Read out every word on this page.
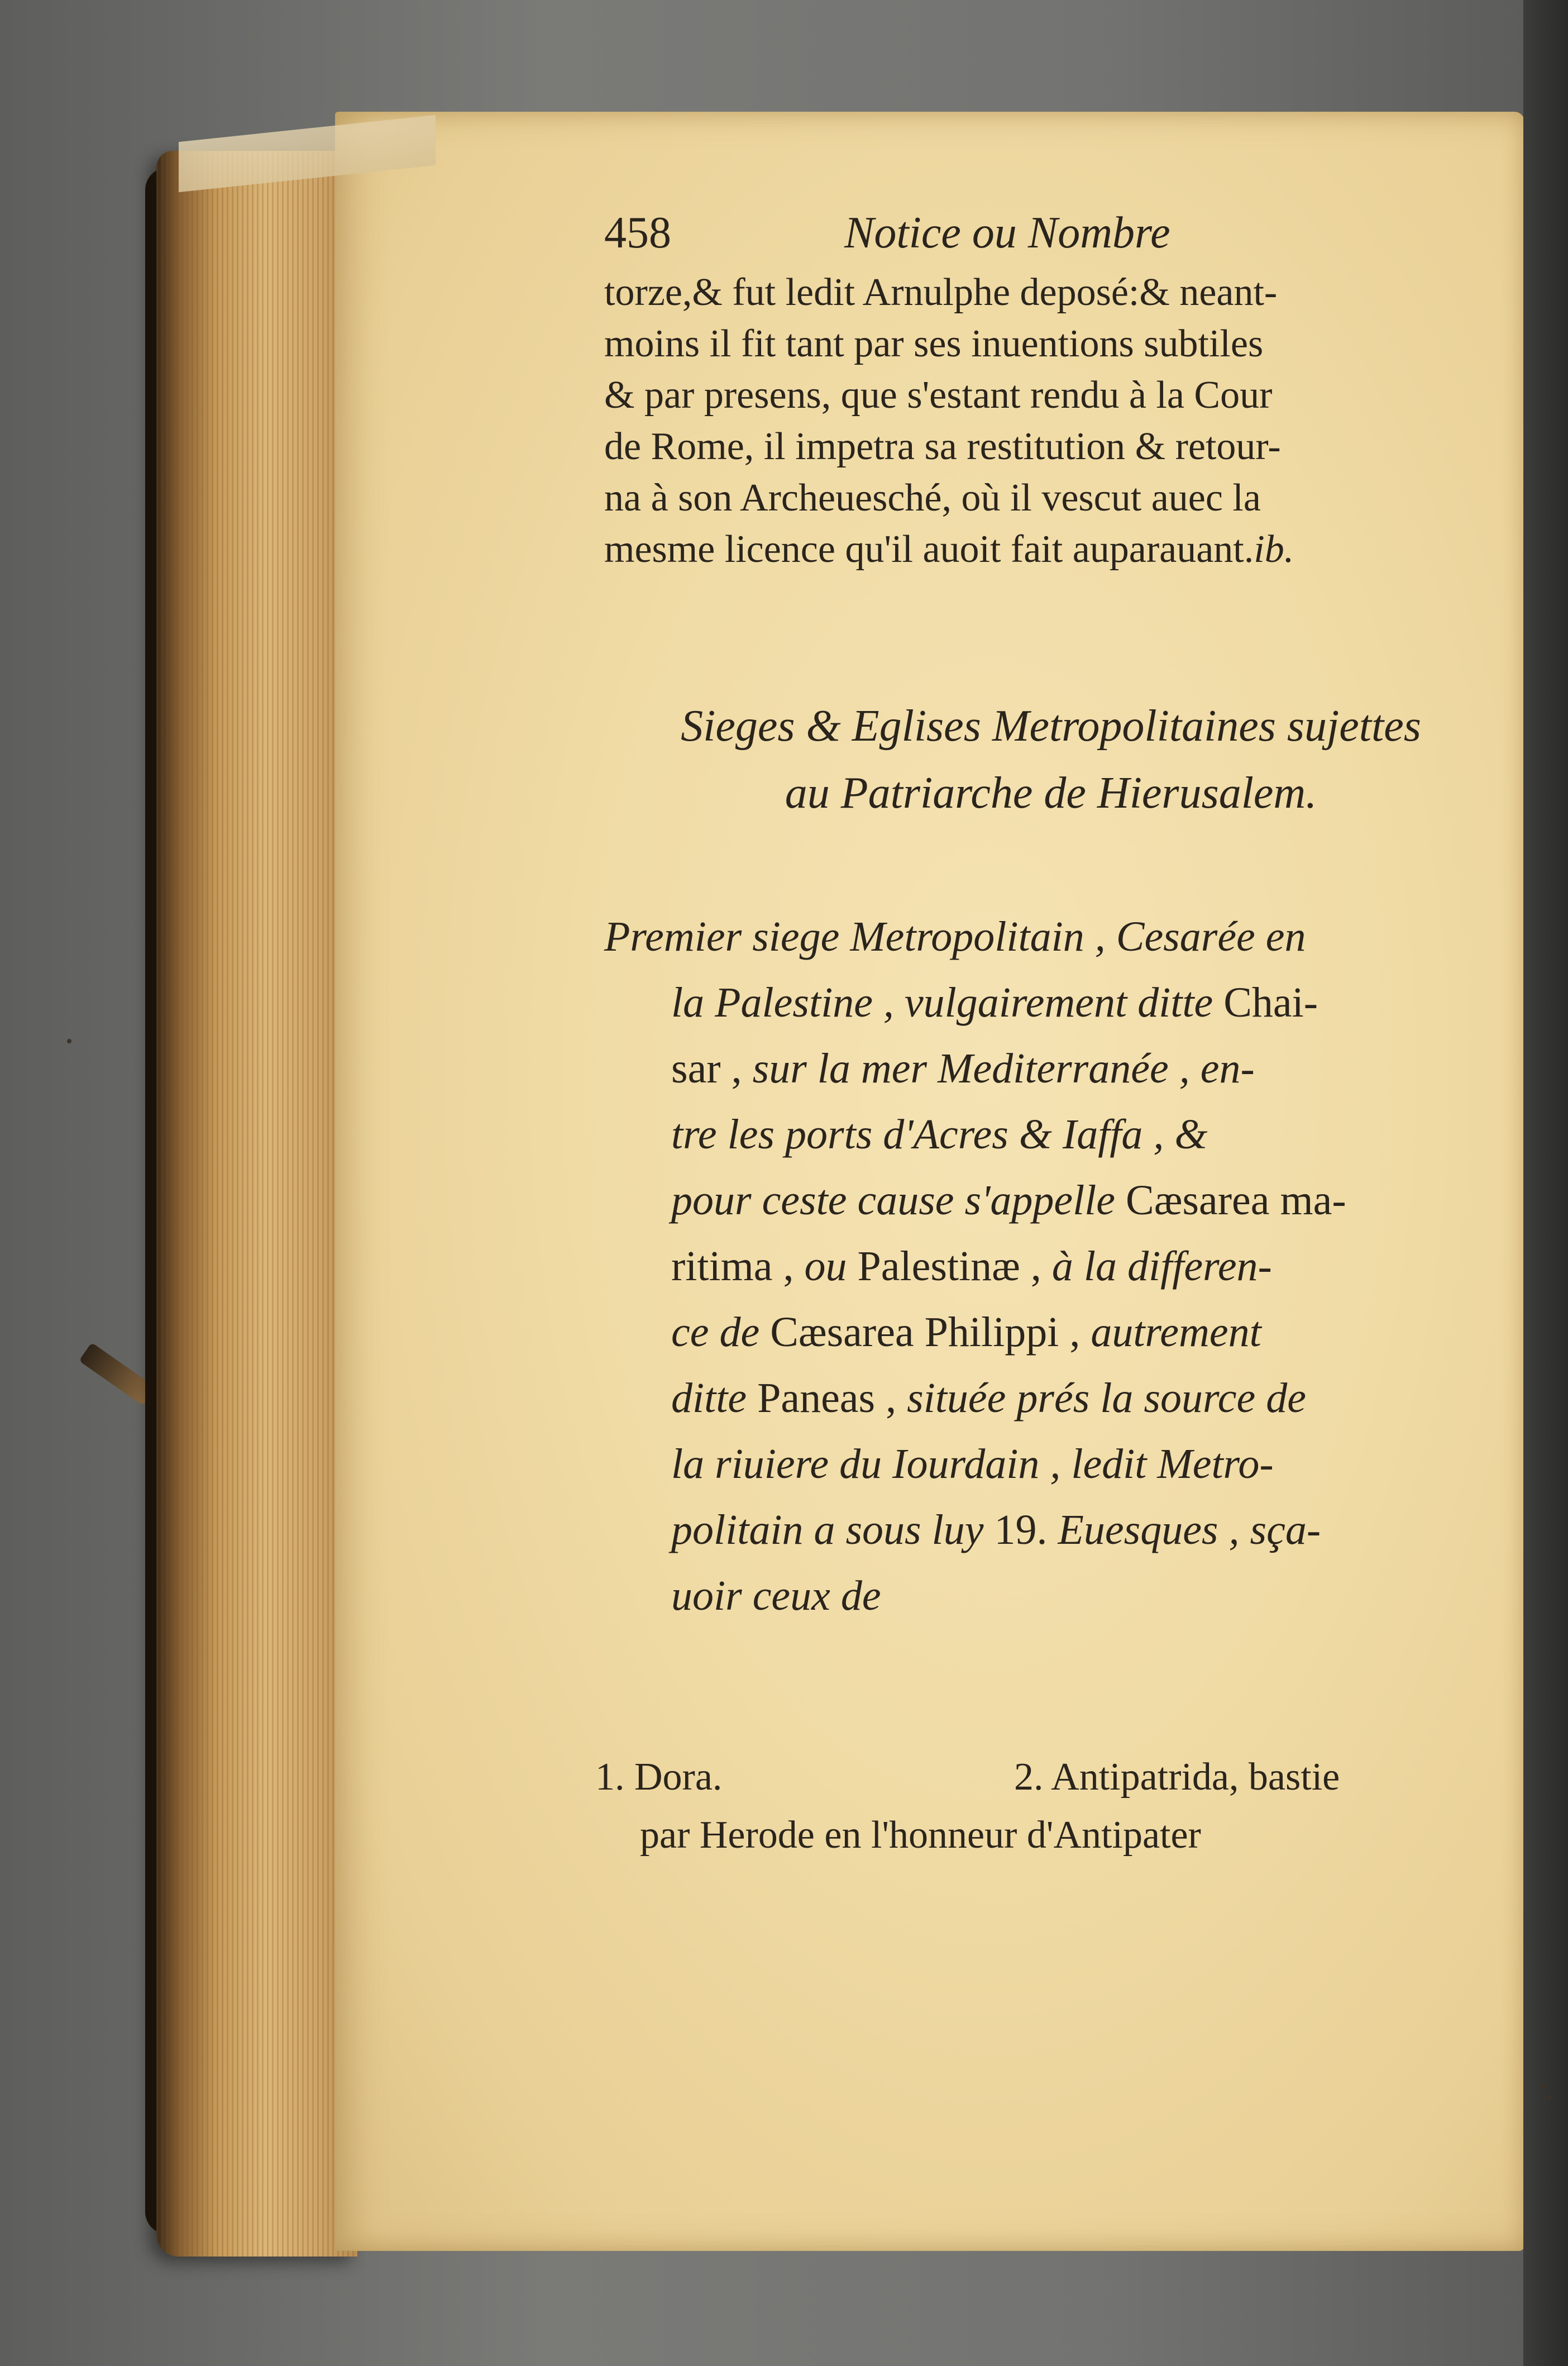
458	Notice ou Nombre
torze,& fut ledit Arnulphe deposé:& neant-
moins il fit tant par ses inuentions subtiles
& par presens, que s'estant rendu à la Cour
de Rome, il impetra sa restitution & retour-
na à son Archeuesché, où il vescut auec la
mesme licence qu'il auoit fait auparauant.ib.
Sieges & Eglises Metropolitaines sujettes
au Patriarche de Hierusalem.
Premier siege Metropolitain , Cesarée en
la Palestine , vulgairement ditte Chai-
sar , sur la mer Mediterranée , en-
tre les ports d'Acres & Iaffa , &
pour ceste cause s'appelle Cæsarea ma-
ritima , ou Palestinæ , à la differen-
ce de Cæsarea Philippi , autrement
ditte Paneas , située prés la source de
la riuiere du Iourdain , ledit Metro-
politain a sous luy 19. Euesques , sça-
uoir ceux de
1. Dora.	2. Antipatrida, bastie
par Herode en l'honneur d'Antipater
